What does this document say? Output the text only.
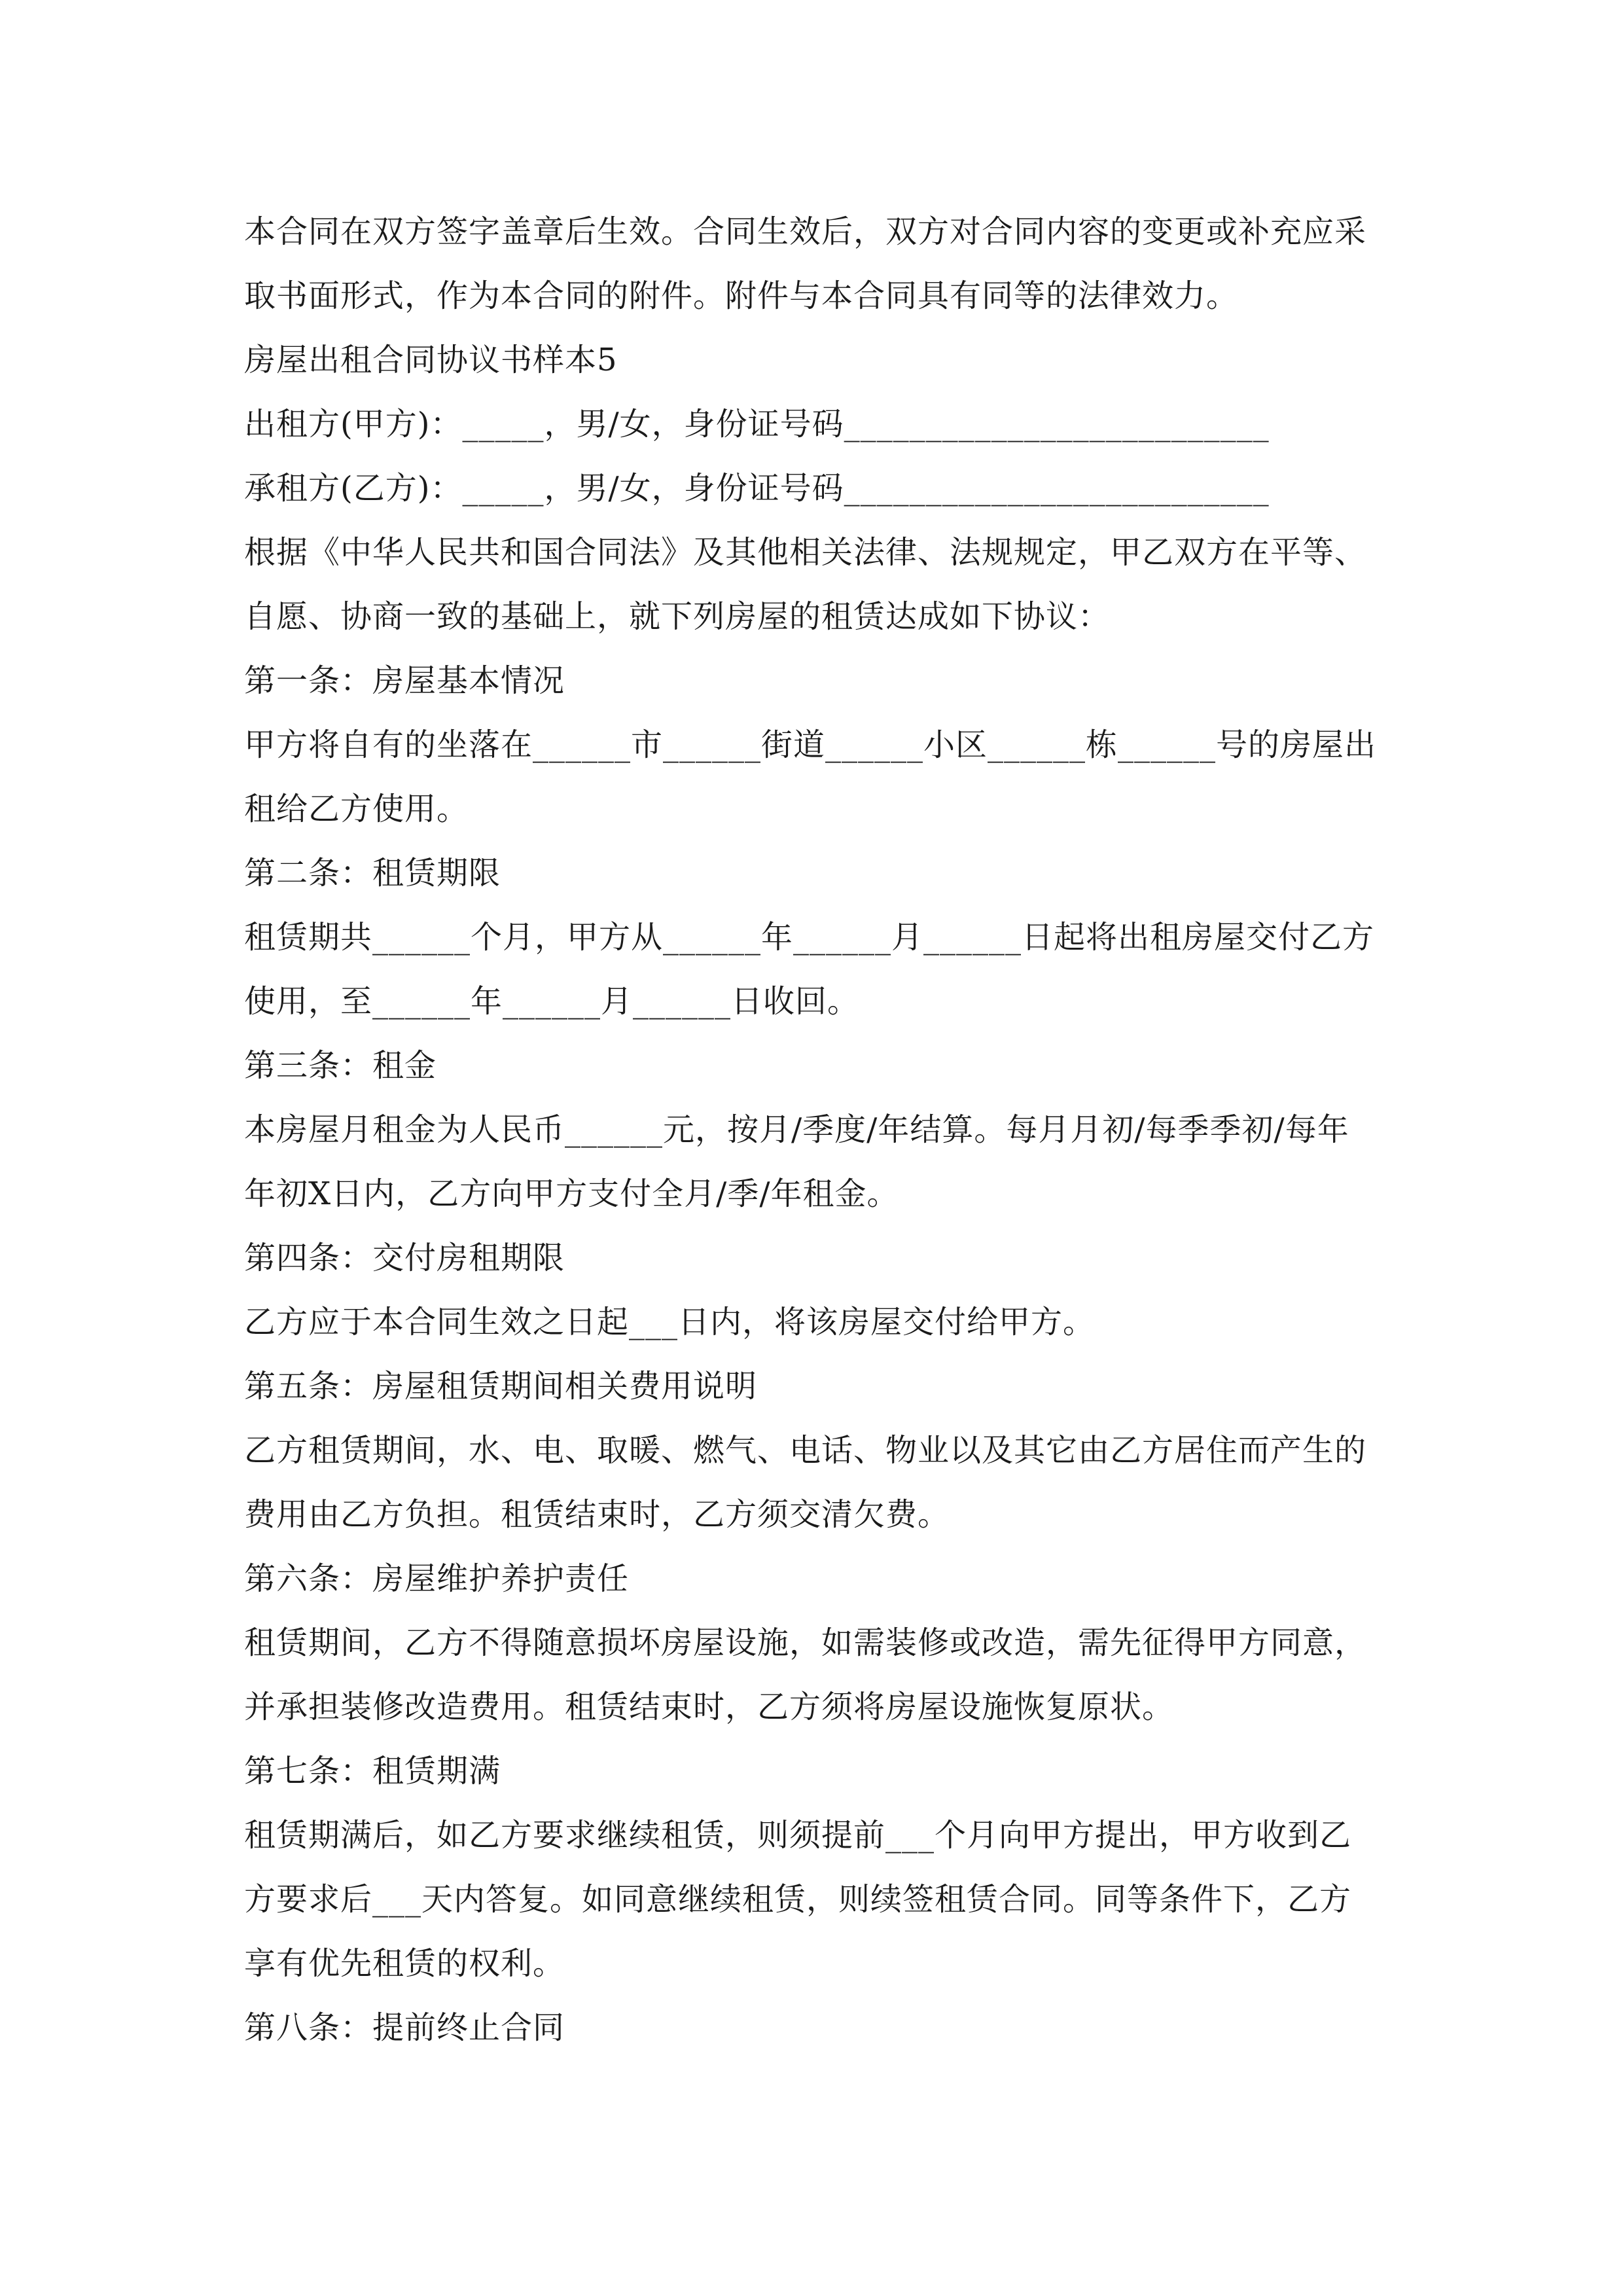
本合同在双方签字盖章后生效。合同生效后，双方对合同内容的变更或补充应采
取书面形式，作为本合同的附件。附件与本合同具有同等的法律效力。
房屋出租合同协议书样本5
出租方(甲方)：_____，男/女，身份证号码__________________________
承租方(乙方)：_____，男/女，身份证号码__________________________
根据《中华人民共和国合同法》及其他相关法律、法规规定，甲乙双方在平等、
自愿、协商一致的基础上，就下列房屋的租赁达成如下协议：
第一条：房屋基本情况
甲方将自有的坐落在______市______街道______小区______栋______号的房屋出
租给乙方使用。
第二条：租赁期限
租赁期共______个月，甲方从______年______月______日起将出租房屋交付乙方
使用，至______年______月______日收回。
第三条：租金
本房屋月租金为人民币______元，按月/季度/年结算。每月月初/每季季初/每年
年初X日内，乙方向甲方支付全月/季/年租金。
第四条：交付房租期限
乙方应于本合同生效之日起___日内，将该房屋交付给甲方。
第五条：房屋租赁期间相关费用说明
乙方租赁期间，水、电、取暖、燃气、电话、物业以及其它由乙方居住而产生的
费用由乙方负担。租赁结束时，乙方须交清欠费。
第六条：房屋维护养护责任
租赁期间，乙方不得随意损坏房屋设施，如需装修或改造，需先征得甲方同意，
并承担装修改造费用。租赁结束时，乙方须将房屋设施恢复原状。
第七条：租赁期满
租赁期满后，如乙方要求继续租赁，则须提前___个月向甲方提出，甲方收到乙
方要求后___天内答复。如同意继续租赁，则续签租赁合同。同等条件下，乙方
享有优先租赁的权利。
第八条：提前终止合同
